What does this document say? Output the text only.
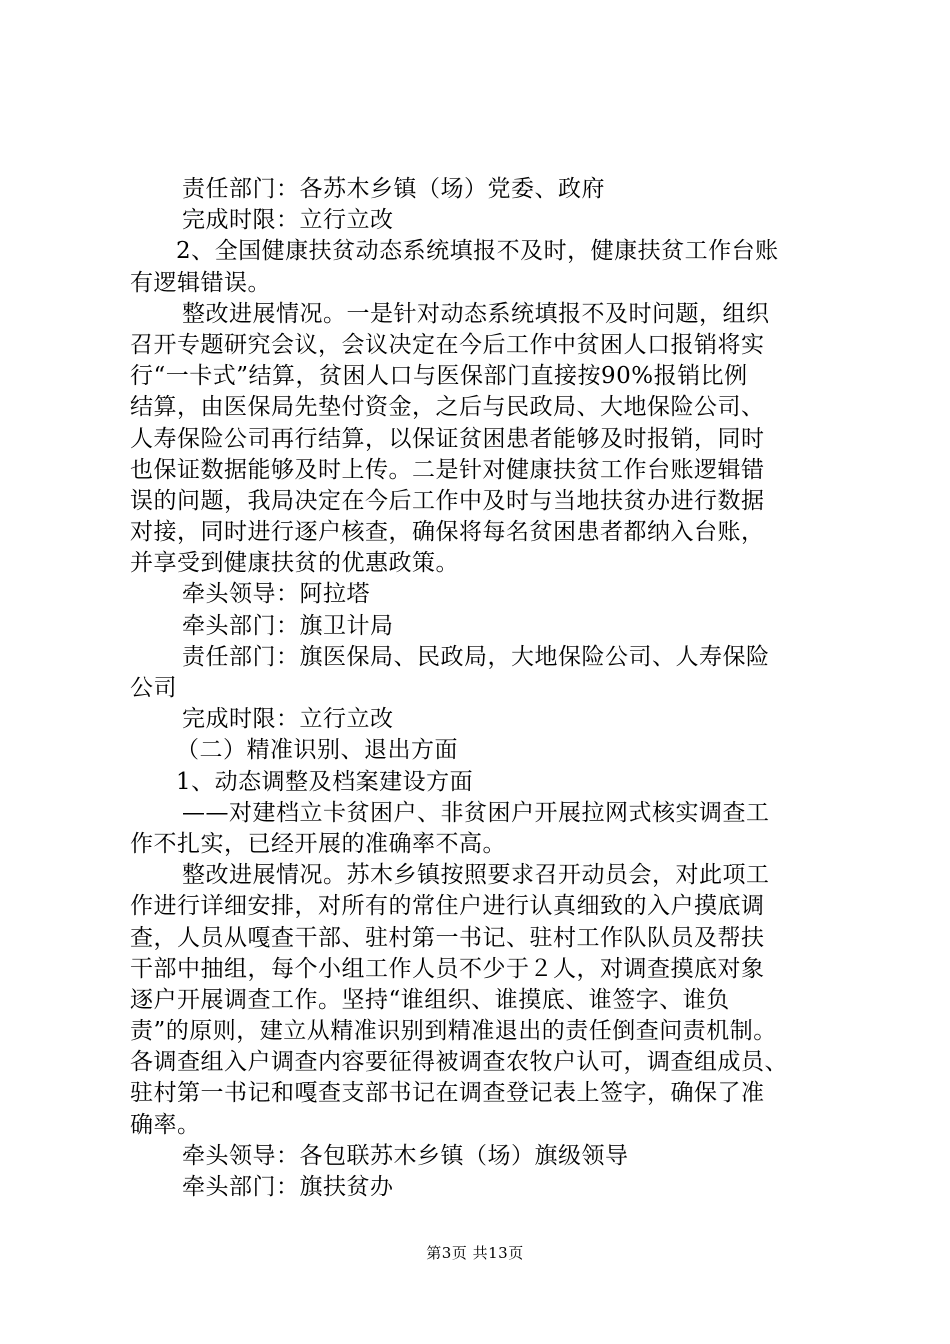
责任部门：各苏木乡镇（场）党委、政府
完成时限：立行立改
2、全国健康扶贫动态系统填报不及时，健康扶贫工作台账
有逻辑错误。
整改进展情况。一是针对动态系统填报不及时问题，组织
召开专题研究会议，会议决定在今后工作中贫困人口报销将实
行“一卡式”结算，贫困人口与医保部门直接按90%报销比例
结算，由医保局先垫付资金，之后与民政局、大地保险公司、
人寿保险公司再行结算，以保证贫困患者能够及时报销，同时
也保证数据能够及时上传。二是针对健康扶贫工作台账逻辑错
误的问题，我局决定在今后工作中及时与当地扶贫办进行数据
对接，同时进行逐户核查，确保将每名贫困患者都纳入台账，
并享受到健康扶贫的优惠政策。
牵头领导：阿拉塔
牵头部门：旗卫计局
责任部门：旗医保局、民政局，大地保险公司、人寿保险
公司
完成时限：立行立改
（二）精准识别、退出方面
1、动态调整及档案建设方面
——对建档立卡贫困户、非贫困户开展拉网式核实调查工
作不扎实，已经开展的准确率不高。
整改进展情况。苏木乡镇按照要求召开动员会，对此项工
作进行详细安排，对所有的常住户进行认真细致的入户摸底调
查，人员从嘎查干部、驻村第一书记、驻村工作队队员及帮扶
干部中抽组，每个小组工作人员不少于２人，对调查摸底对象
逐户开展调查工作。坚持“谁组织、谁摸底、谁签字、谁负
责”的原则，建立从精准识别到精准退出的责任倒查问责机制。
各调查组入户调查内容要征得被调查农牧户认可，调查组成员、
驻村第一书记和嘎查支部书记在调查登记表上签字，确保了准
确率。
牵头领导：各包联苏木乡镇（场）旗级领导
牵头部门：旗扶贫办
第3页 共13页
